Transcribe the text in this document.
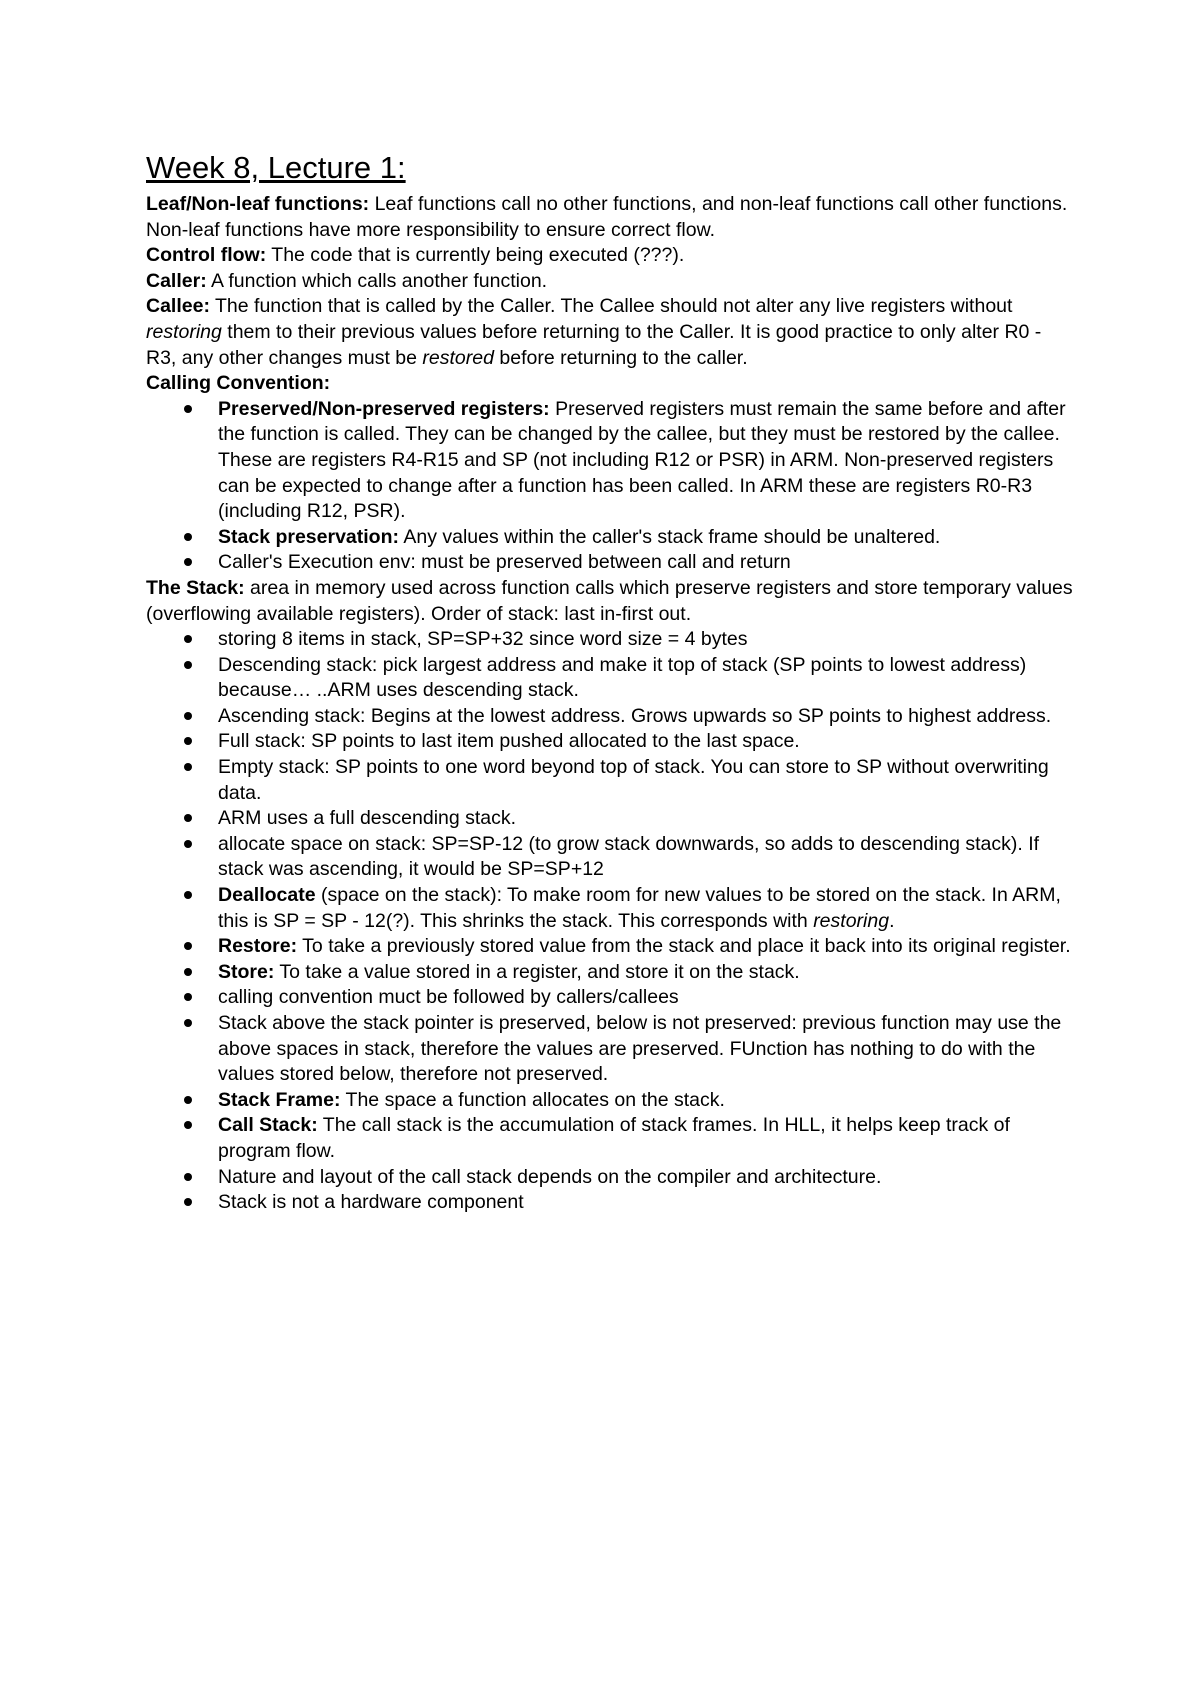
Week 8, Lecture 1:

Leaf/Non-leaf functions: Leaf functions call no other functions, and non-leaf functions call other functions. Non-leaf functions have more responsibility to ensure correct flow.

Control flow: The code that is currently being executed (???).

Caller: A function which calls another function.

Callee: The function that is called by the Caller. The Callee should not alter any live registers without restoring them to their previous values before returning to the Caller. It is good practice to only alter R0 - R3, any other changes must be restored before returning to the caller.

Calling Convention:

Preserved/Non-preserved registers: Preserved registers must remain the same before and after the function is called. They can be changed by the callee, but they must be restored by the callee. These are registers R4-R15 and SP (not including R12 or PSR) in ARM. Non-preserved registers can be expected to change after a function has been called. In ARM these are registers R0-R3 (including R12, PSR).
Stack preservation: Any values within the caller's stack frame should be unaltered.
Caller's Execution env: must be preserved between call and return

The Stack: area in memory used across function calls which preserve registers and store temporary values (overflowing available registers). Order of stack: last in-first out.

storing 8 items in stack, SP=SP+32 since word size = 4 bytes
Descending stack: pick largest address and make it top of stack (SP points to lowest address) because… ..ARM uses descending stack.
Ascending stack: Begins at the lowest address. Grows upwards so SP points to highest address.
Full stack: SP points to last item pushed allocated to the last space.
Empty stack: SP points to one word beyond top of stack. You can store to SP without overwriting data.
ARM uses a full descending stack.
allocate space on stack: SP=SP-12 (to grow stack downwards, so adds to descending stack). If stack was ascending, it would be SP=SP+12
Deallocate (space on the stack): To make room for new values to be stored on the stack. In ARM, this is SP = SP - 12(?). This shrinks the stack. This corresponds with restoring.
Restore: To take a previously stored value from the stack and place it back into its original register.
Store: To take a value stored in a register, and store it on the stack.
calling convention muct be followed by callers/callees
Stack above the stack pointer is preserved, below is not preserved: previous function may use the above spaces in stack, therefore the values are preserved. FUnction has nothing to do with the values stored below, therefore not preserved.
Stack Frame: The space a function allocates on the stack.
Call Stack: The call stack is the accumulation of stack frames. In HLL, it helps keep track of program flow.
Nature and layout of the call stack depends on the compiler and architecture.
Stack is not a hardware component
